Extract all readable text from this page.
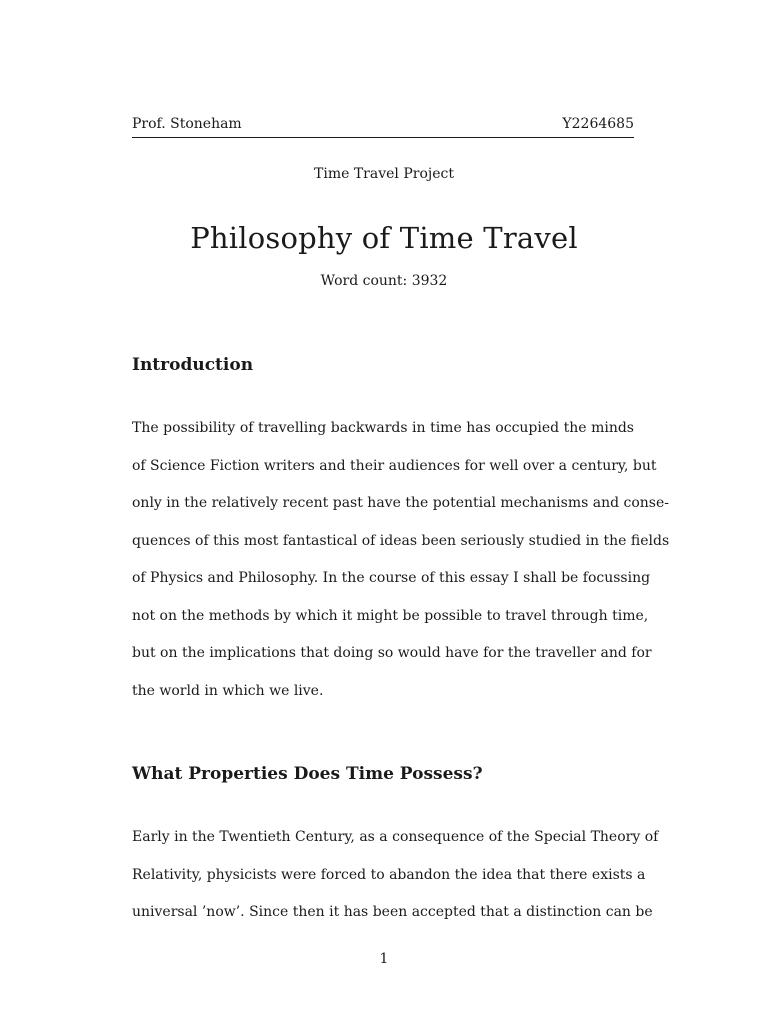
Prof. Stoneham	Y2264685
Time Travel Project
Philosophy of Time Travel
Word count: 3932
Introduction
The possibility of travelling backwards in time has occupied the minds
of Science Fiction writers and their audiences for well over a century, but
only in the relatively recent past have the potential mechanisms and conse-
quences of this most fantastical of ideas been seriously studied in the fields
of Physics and Philosophy. In the course of this essay I shall be focussing
not on the methods by which it might be possible to travel through time,
but on the implications that doing so would have for the traveller and for
the world in which we live.
What Properties Does Time Possess?
Early in the Twentieth Century, as a consequence of the Special Theory of
Relativity, physicists were forced to abandon the idea that there exists a
universal ’now’. Since then it has been accepted that a distinction can be
1
